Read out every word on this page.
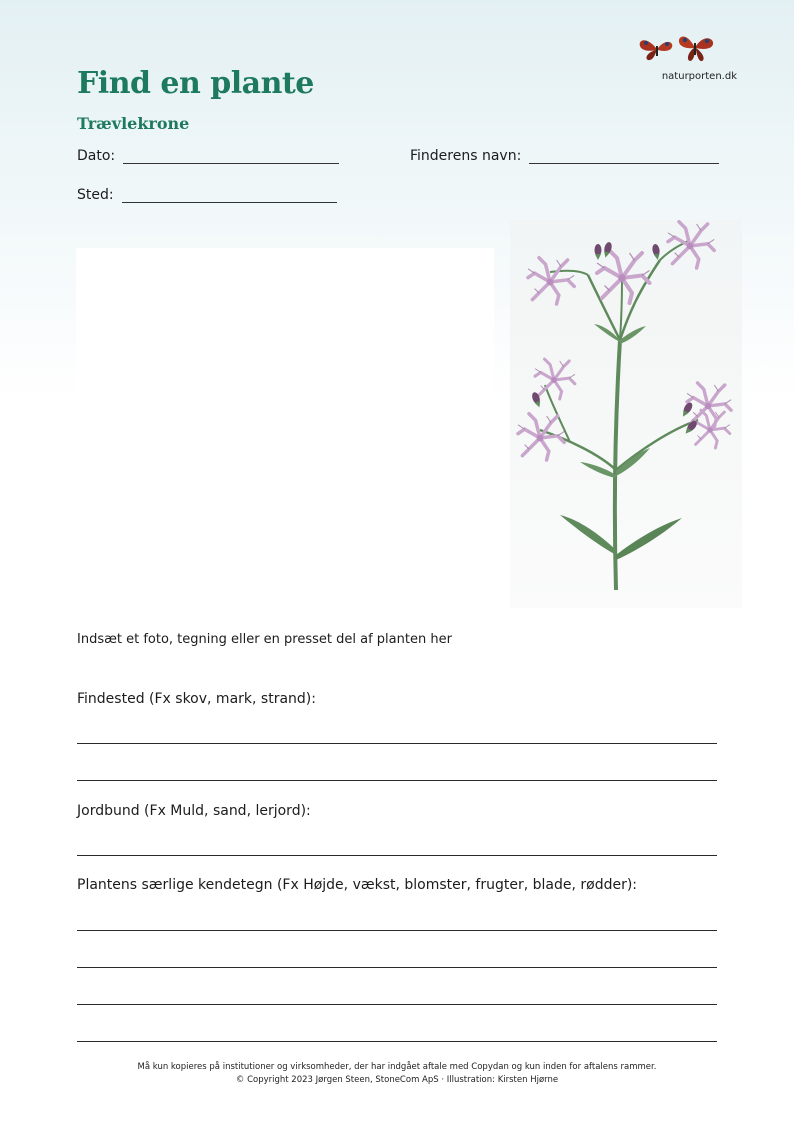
Find en plante
Trævlekrone
naturporten.dk
Dato:	Finderens navn:
Sted:
Indsæt et foto, tegning eller en presset del af planten her
Findested (Fx skov, mark, strand):
Jordbund (Fx Muld, sand, lerjord):
Plantens særlige kendetegn (Fx Højde, vækst, blomster, frugter, blade, rødder):
Må kun kopieres på institutioner og virksomheder, der har indgået aftale med Copydan og kun inden for aftalens rammer.
© Copyright 2023 Jørgen Steen, StoneCom ApS · Illustration: Kirsten Hjørne
